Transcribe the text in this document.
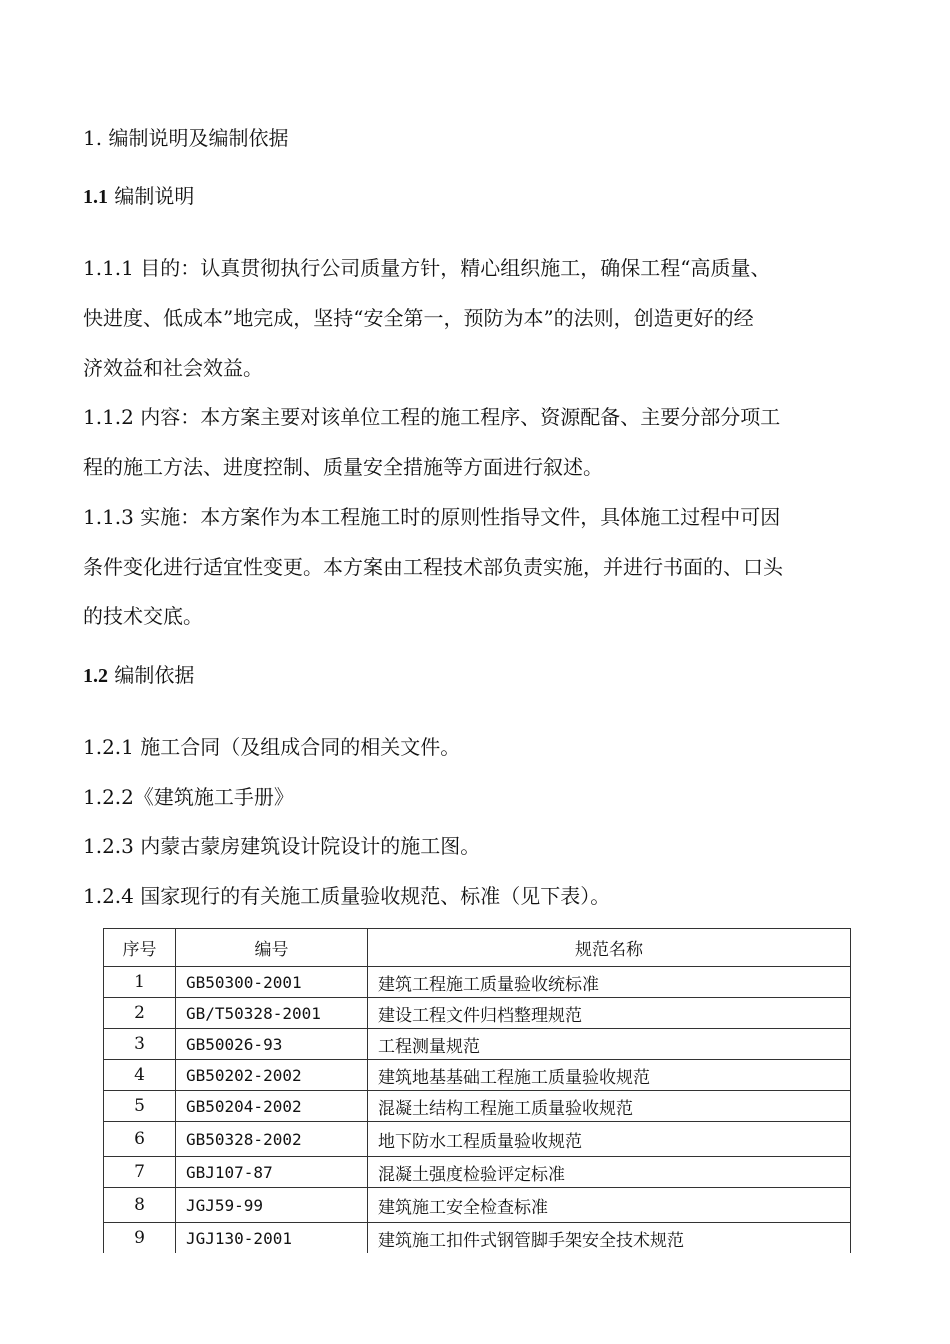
1. 编制说明及编制依据
1.1 编制说明
1.1.1 目的：认真贯彻执行公司质量方针，精心组织施工，确保工程“高质量、
快进度、低成本”地完成，坚持“安全第一，预防为本”的法则，创造更好的经
济效益和社会效益。
1.1.2 内容：本方案主要对该单位工程的施工程序、资源配备、主要分部分项工
程的施工方法、进度控制、质量安全措施等方面进行叙述。
1.1.3 实施：本方案作为本工程施工时的原则性指导文件，具体施工过程中可因
条件变化进行适宜性变更。本方案由工程技术部负责实施，并进行书面的、口头
的技术交底。
1.2 编制依据
1.2.1 施工合同（及组成合同的相关文件。
1.2.2《建筑施工手册》
1.2.3 内蒙古蒙房建筑设计院设计的施工图。
1.2.4 国家现行的有关施工质量验收规范、标准（见下表）。
序号	编号	规范名称
1	GB50300-2001	建筑工程施工质量验收统标准
2	GB/T50328-2001	建设工程文件归档整理规范
3	GB50026-93	工程测量规范
4	GB50202-2002	建筑地基基础工程施工质量验收规范
5	GB50204-2002	混凝土结构工程施工质量验收规范
6	GB50328-2002	地下防水工程质量验收规范
7	GBJ107-87	混凝土强度检验评定标准
8	JGJ59-99	建筑施工安全检查标准
9	JGJ130-2001	建筑施工扣件式钢管脚手架安全技术规范
